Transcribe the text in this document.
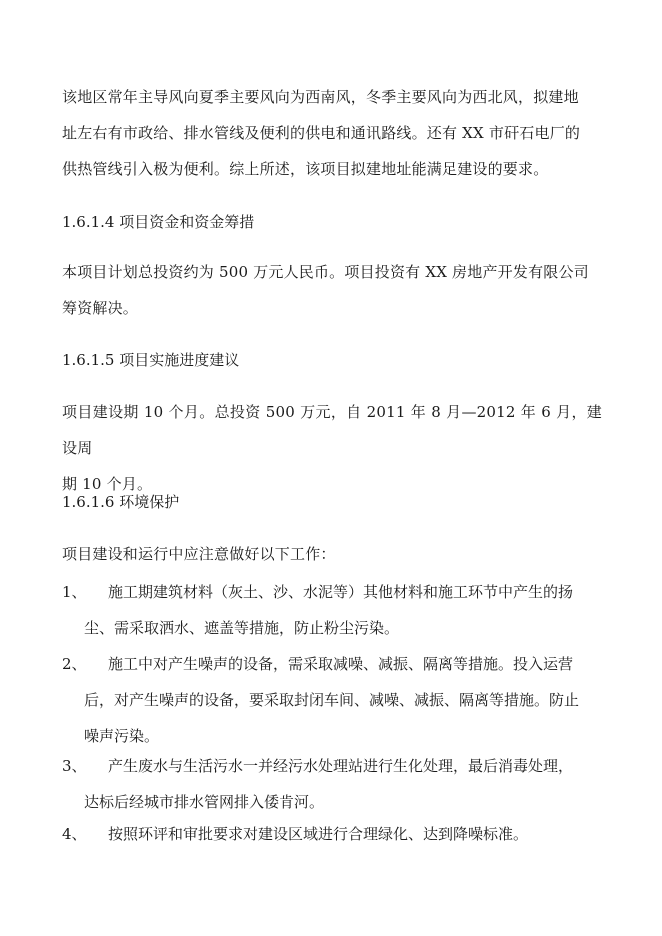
该地区常年主导风向夏季主要风向为西南风，冬季主要风向为西北风，拟建地
址左右有市政给、排水管线及便利的供电和通讯路线。还有 XX 市矸石电厂的
供热管线引入极为便利。综上所述，该项目拟建地址能满足建设的要求。
1.6.1.4 项目资金和资金筹措
本项目计划总投资约为 500 万元人民币。项目投资有 XX 房地产开发有限公司
筹资解决。
1.6.1.5 项目实施进度建议
项目建设期 10 个月。总投资 500 万元，自 2011 年 8 月—2012 年 6 月，建设周
期 10 个月。
1.6.1.6 环境保护
项目建设和运行中应注意做好以下工作：
1、	施工期建筑材料（灰土、沙、水泥等）其他材料和施工环节中产生的扬
尘、需采取洒水、遮盖等措施，防止粉尘污染。
2、	施工中对产生噪声的设备，需采取减噪、减振、隔离等措施。投入运营
后，对产生噪声的设备，要采取封闭车间、减噪、减振、隔离等措施。防止
噪声污染。
3、	产生废水与生活污水一并经污水处理站进行生化处理，最后消毒处理，
达标后经城市排水管网排入倭肯河。
4、	按照环评和审批要求对建设区域进行合理绿化、达到降噪标准。
